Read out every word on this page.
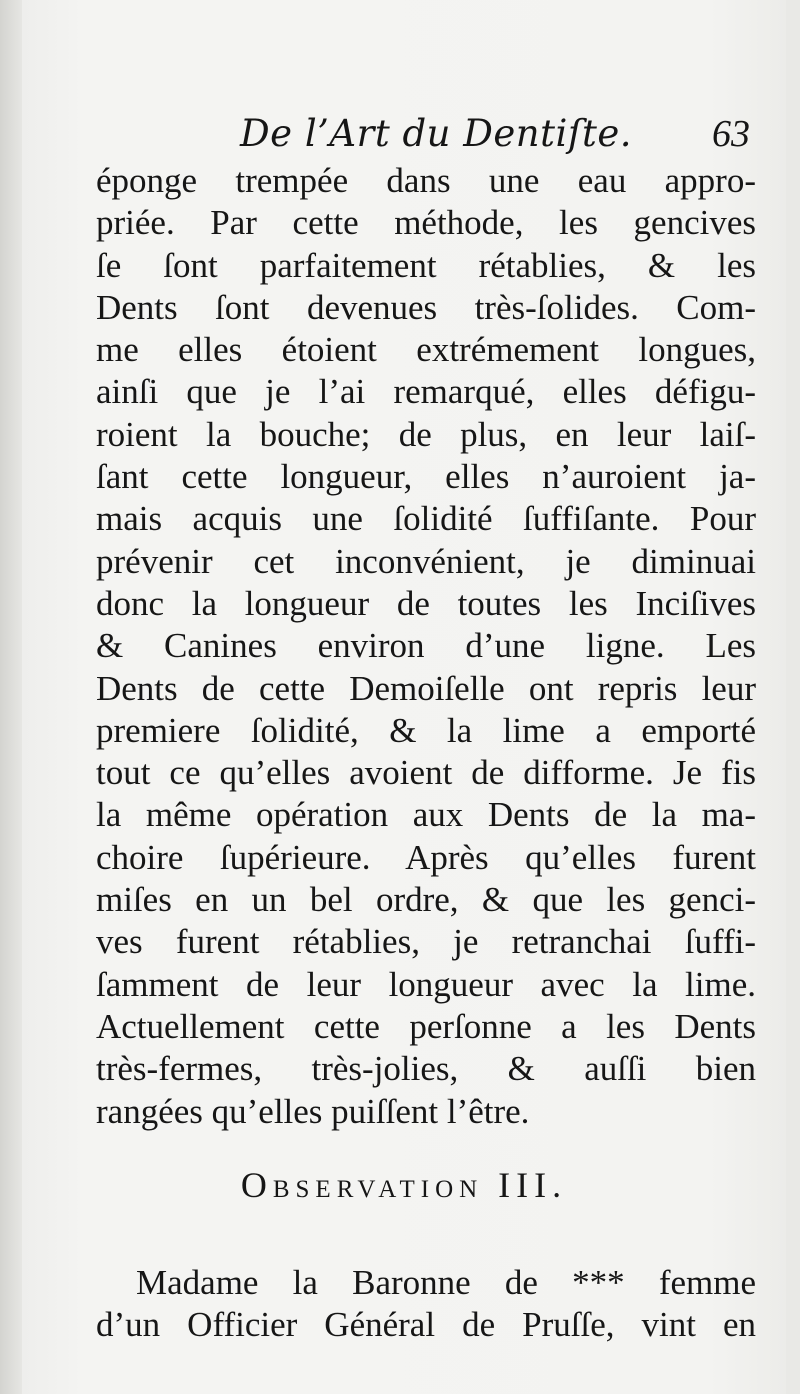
De l’Art du Dentiſte. 63
éponge trempée dans une eau appro-
priée. Par cette méthode, les gencives
ſe ſont parfaitement rétablies, & les
Dents ſont devenues très-ſolides. Com-
me elles étoient extrémement longues,
ainſi que je l’ai remarqué, elles défigu-
roient la bouche; de plus, en leur laiſ-
ſant cette longueur, elles n’auroient ja-
mais acquis une ſolidité ſuffiſante. Pour
prévenir cet inconvénient, je diminuai
donc la longueur de toutes les Inciſives
& Canines environ d’une ligne. Les
Dents de cette Demoiſelle ont repris leur
premiere ſolidité, & la lime a emporté
tout ce qu’elles avoient de difforme. Je fis
la même opération aux Dents de la ma-
choire ſupérieure. Après qu’elles furent
miſes en un bel ordre, & que les genci-
ves furent rétablies, je retranchai ſuffi-
ſamment de leur longueur avec la lime.
Actuellement cette perſonne a les Dents
très-fermes, très-jolies, & auſſi bien
rangées qu’elles puiſſent l’être.
Observation III.
Madame la Baronne de *** femme
d’un Officier Général de Pruſſe, vint en
